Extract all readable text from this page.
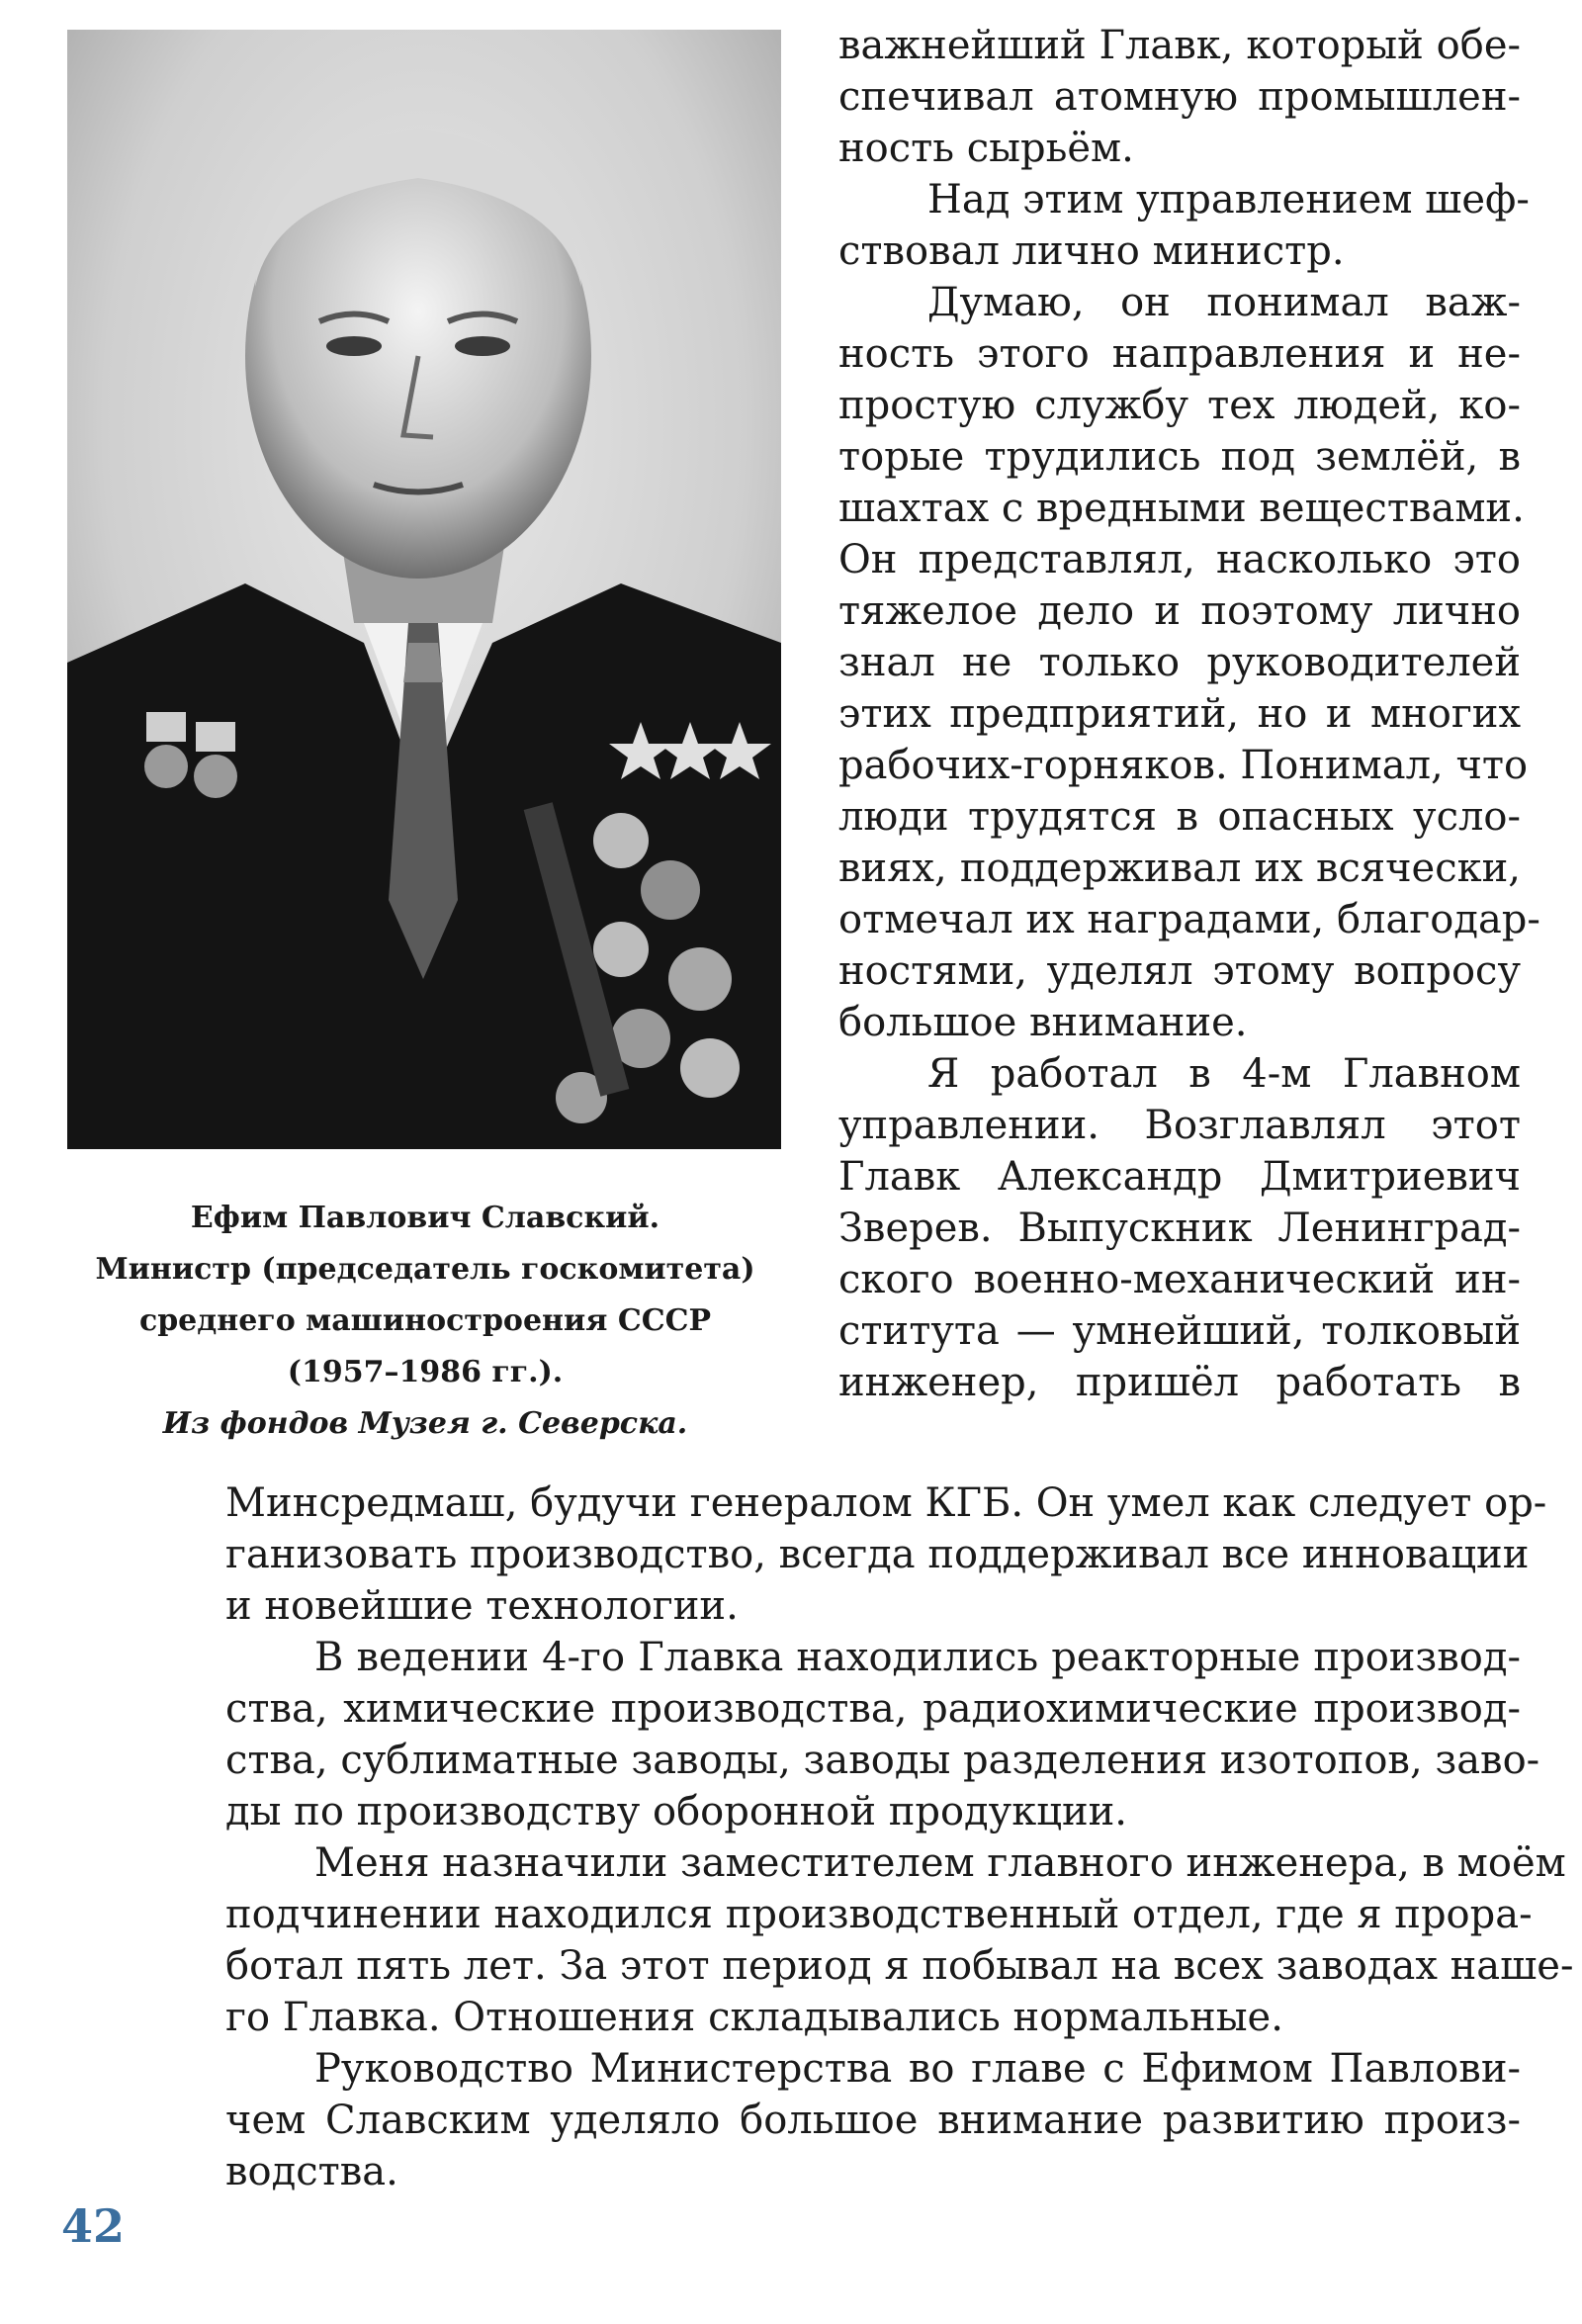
Ефим Павлович Славский.
Министр (председатель госкомитета)
среднего машиностроения СССР
(1957–1986 гг.).
Из фондов Музея г. Северска.

важнейший Главк, который обе-
спечивал атомную промышлен-
ность сырьём.

Над этим управлением шеф-
ствовал лично министр.

Думаю, он понимал важ-
ность этого направления и не-
простую службу тех людей, ко-
торые трудились под землёй, в
шахтах с вредными веществами.
Он представлял, насколько это
тяжелое дело и поэтому лично
знал не только руководителей
этих предприятий, но и многих
рабочих-горняков. Понимал, что
люди трудятся в опасных усло-
виях, поддерживал их всячески,
отмечал их наградами, благодар-
ностями, уделял этому вопросу
большое внимание.

Я работал в 4-м Главном
управлении. Возглавлял этот
Главк Александр Дмитриевич
Зверев. Выпускник Ленинград-
ского военно-механический ин-
ститута — умнейший, толковый
инженер, пришёл работать в

Минсредмаш, будучи генералом КГБ. Он умел как следует ор-
ганизовать производство, всегда поддерживал все инновации
и новейшие технологии.

В ведении 4-го Главка находились реакторные производ-
ства, химические производства, радиохимические производ-
ства, сублиматные заводы, заводы разделения изотопов, заво-
ды по производству оборонной продукции.

Меня назначили заместителем главного инженера, в моём
подчинении находился производственный отдел, где я прора-
ботал пять лет. За этот период я побывал на всех заводах наше-
го Главка. Отношения складывались нормальные.

Руководство Министерства во главе с Ефимом Павлови-
чем Славским уделяло большое внимание развитию произ-
водства.

42
